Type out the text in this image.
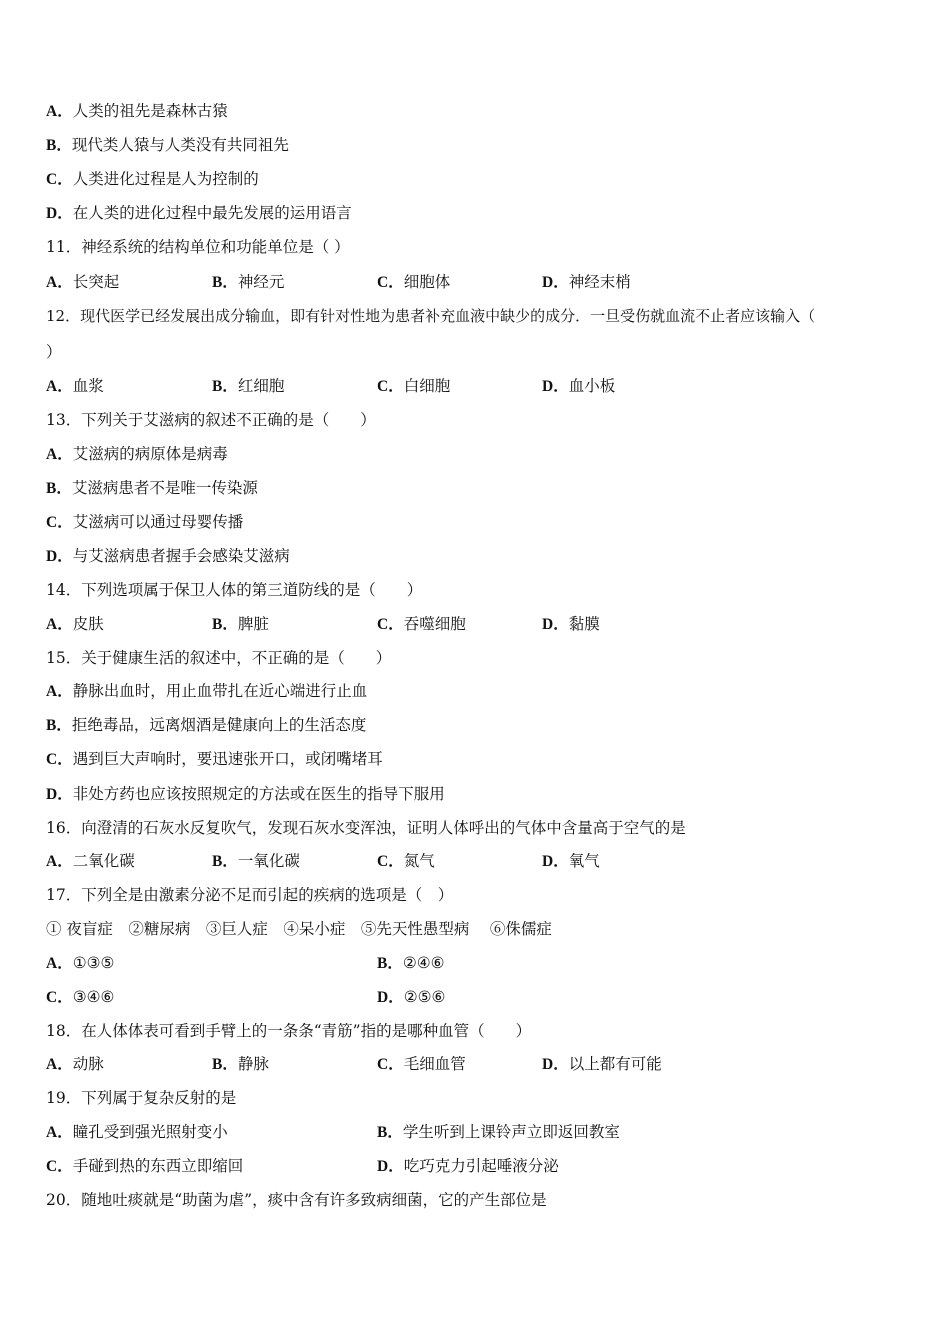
A．人类的祖先是森林古猿
B．现代类人猿与人类没有共同祖先
C．人类进化过程是人为控制的
D．在人类的进化过程中最先发展的运用语言
11．神经系统的结构单位和功能单位是（ ）
A．长突起	B．神经元	C．细胞体	D．神经末梢
12．现代医学已经发展出成分输血，即有针对性地为患者补充血液中缺少的成分．一旦受伤就血流不止者应该输入（
）
A．血浆	B．红细胞	C．白细胞	D．血小板
13．下列关于艾滋病的叙述不正确的是（　　）
A．艾滋病的病原体是病毒
B．艾滋病患者不是唯一传染源
C．艾滋病可以通过母婴传播
D．与艾滋病患者握手会感染艾滋病
14．下列选项属于保卫人体的第三道防线的是（　　）
A．皮肤	B．脾脏	C．吞噬细胞	D．黏膜
15．关于健康生活的叙述中，不正确的是（　　）
A．静脉出血时，用止血带扎在近心端进行止血
B．拒绝毒品，远离烟酒是健康向上的生活态度
C．遇到巨大声响时，要迅速张开口，或闭嘴堵耳
D．非处方药也应该按照规定的方法或在医生的指导下服用
16．向澄清的石灰水反复吹气，发现石灰水变浑浊，证明人体呼出的气体中含量高于空气的是
A．二氧化碳	B．一氧化碳	C．氮气	D．氧气
17．下列全是由激素分泌不足而引起的疾病的选项是（　）
① 夜盲症　②糖尿病　③巨人症　④呆小症　⑤先天性愚型病　 ⑥侏儒症
A．①③⑤	B．②④⑥
C．③④⑥	D．②⑤⑥
18．在人体体表可看到手臂上的一条条“青筋”指的是哪种血管（　　）
A．动脉	B．静脉	C．毛细血管	D．以上都有可能
19．下列属于复杂反射的是
A．瞳孔受到强光照射变小	B．学生听到上课铃声立即返回教室
C．手碰到热的东西立即缩回	D．吃巧克力引起唾液分泌
20．随地吐痰就是“助菌为虐”，痰中含有许多致病细菌，它的产生部位是
